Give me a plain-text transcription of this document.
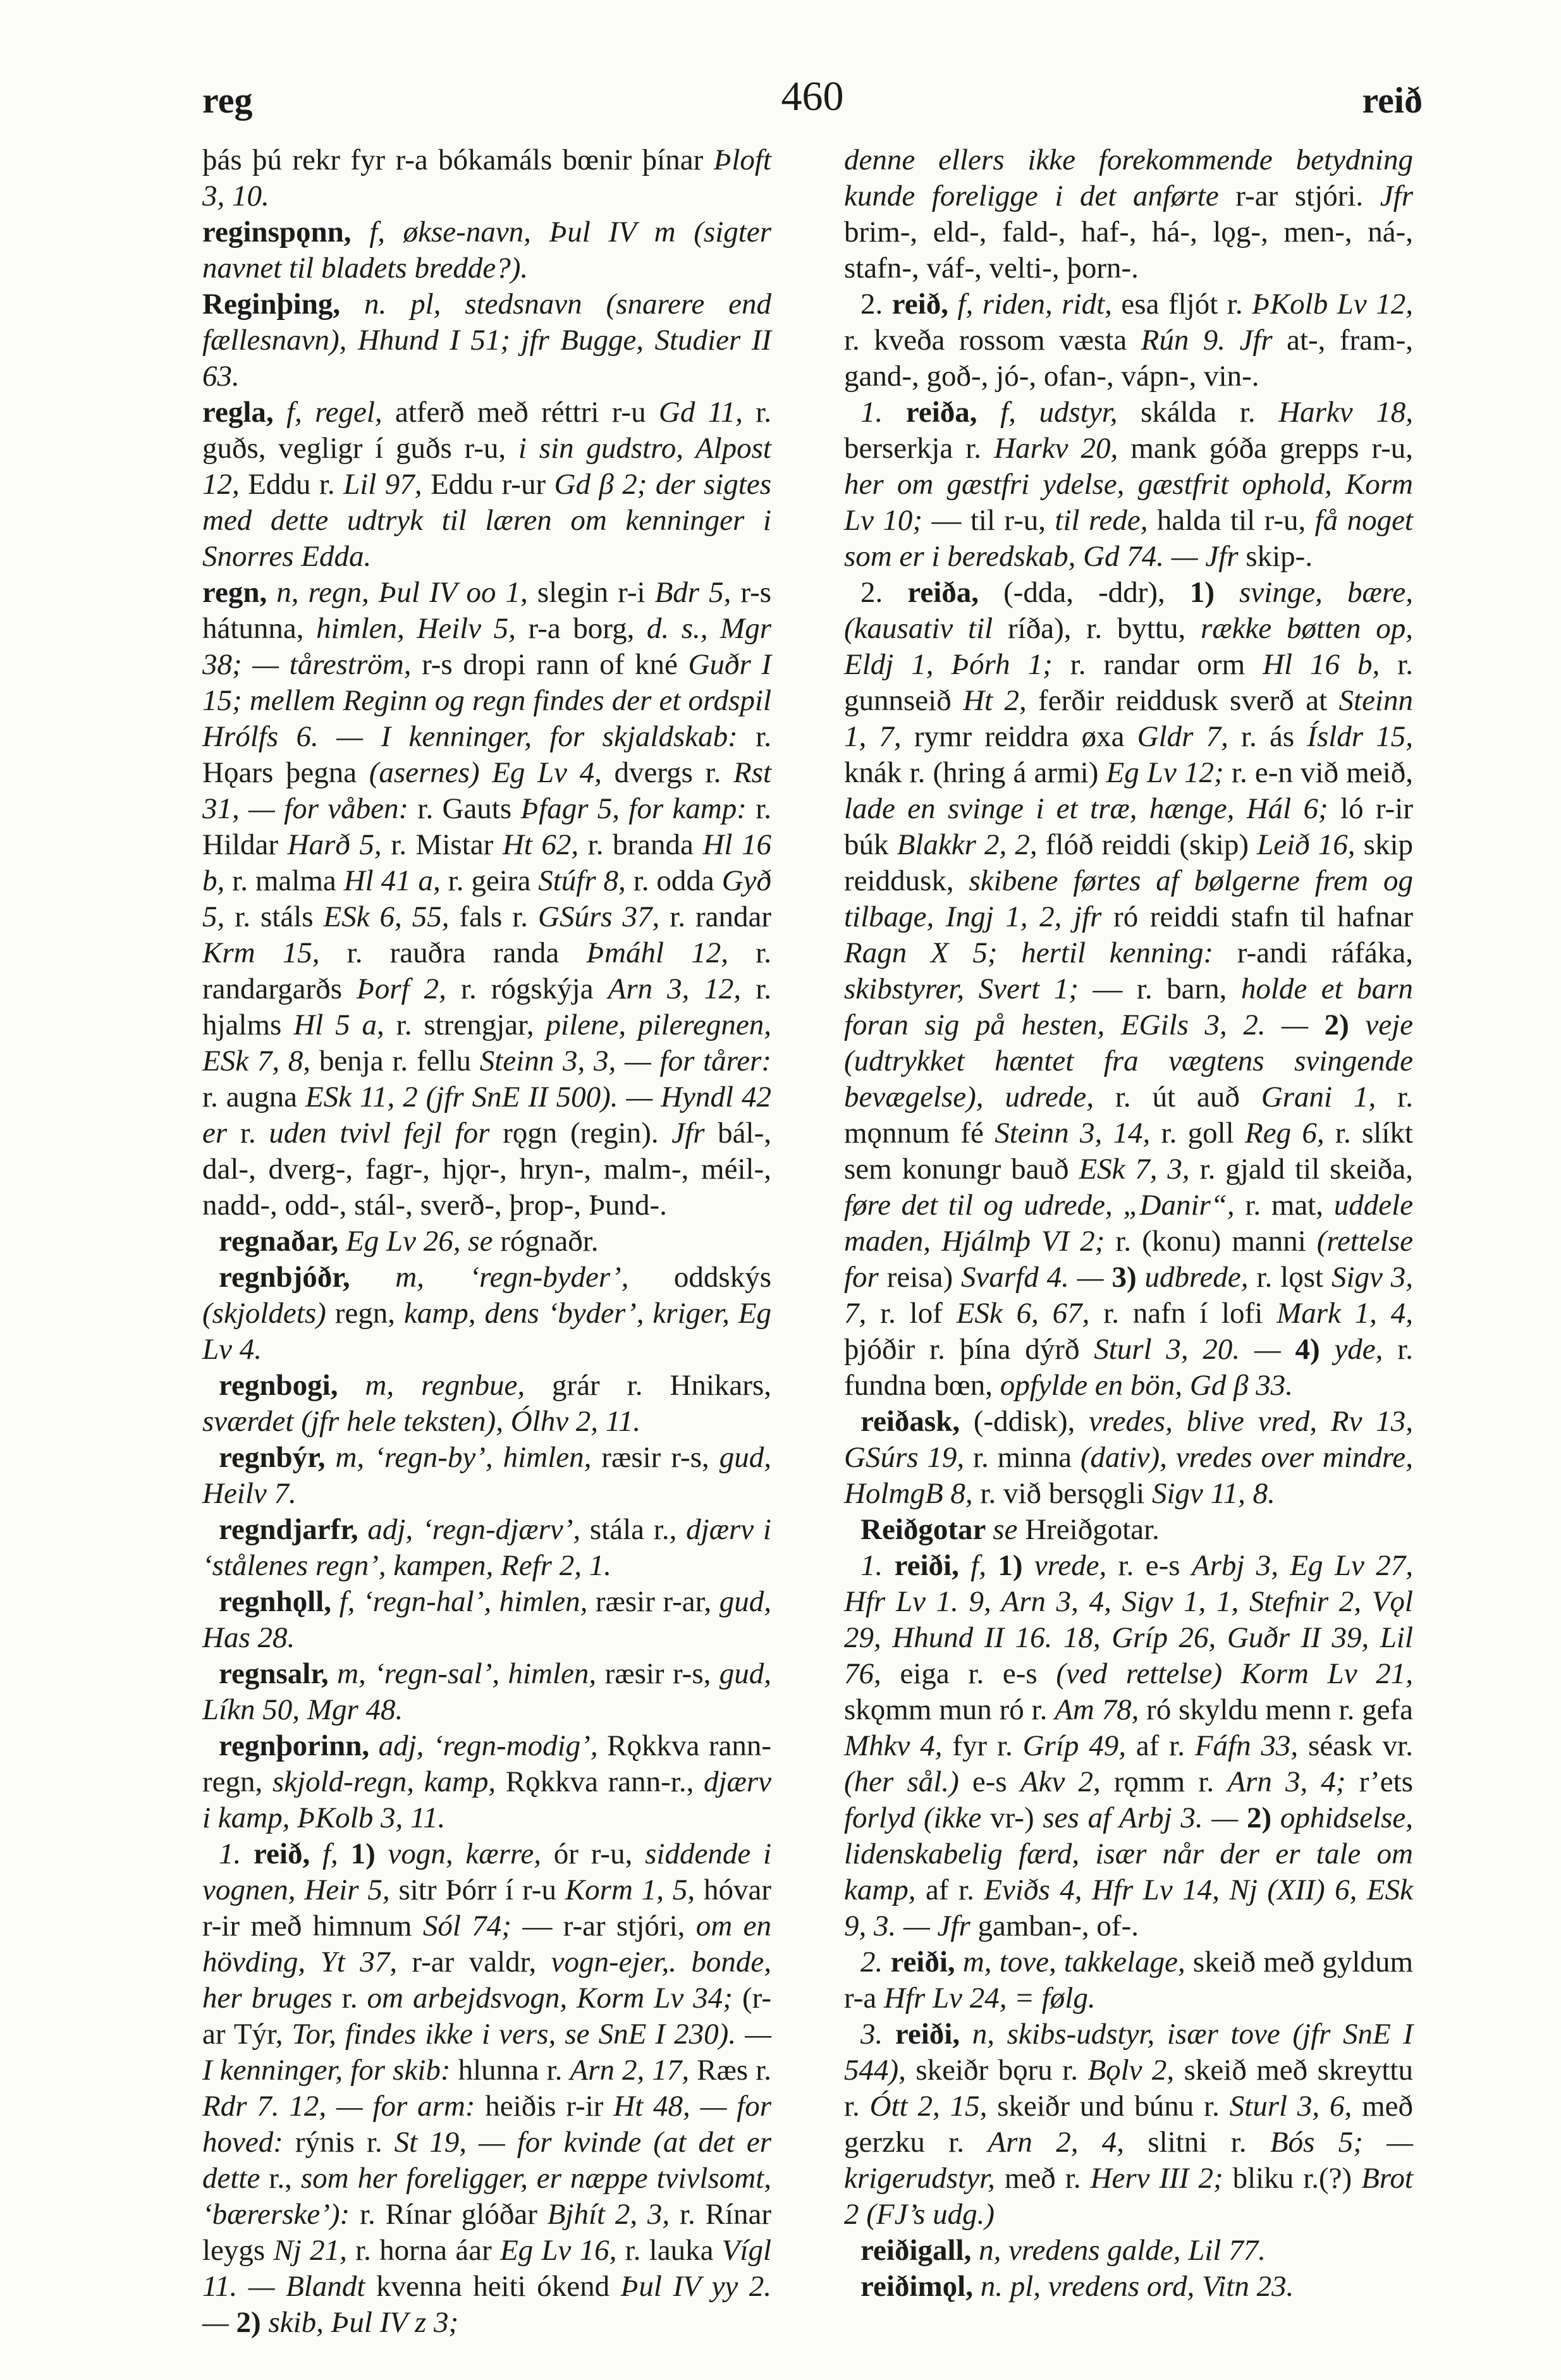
reg	460	reið

þás þú rekr fyr r-a bókamáls bœnir þínar Þloft 3, 10.

reginspǫnn, f, økse-navn, Þul IV m (sigter navnet til bladets bredde?).

Reginþing, n. pl, stedsnavn (snarere end fællesnavn), Hhund I 51; jfr Bugge, Studier II 63.

regla, f, regel, atferð með réttri r-u Gd 11, r. guðs, vegligr í guðs r-u, i sin gudstro, Alpost 12, Eddu r. Lil 97, Eddu r-ur Gd β 2; der sigtes med dette udtryk til læren om kenninger i Snorres Edda.

regn, n, regn, Þul IV oo 1, slegin r-i Bdr 5, r-s hátunna, himlen, Heilv 5, r-a borg, d. s., Mgr 38; — tåreström, r-s dropi rann of kné Guðr I 15; mellem Reginn og regn findes der et ordspil Hrólfs 6. — I kenninger, for skjaldskab: r. Hǫars þegna (asernes) Eg Lv 4, dvergs r. Rst 31, — for våben: r. Gauts Þfagr 5, for kamp: r. Hildar Harð 5, r. Mistar Ht 62, r. branda Hl 16 b, r. malma Hl 41 a, r. geira Stúfr 8, r. odda Gyð 5, r. stáls ESk 6, 55, fals r. GSúrs 37, r. randar Krm 15, r. rauðra randa Þmáhl 12, r. randargarðs Þorf 2, r. rógskýja Arn 3, 12, r. hjalms Hl 5 a, r. strengjar, pilene, pileregnen, ESk 7, 8, benja r. fellu Steinn 3, 3, — for tårer: r. augna ESk 11, 2 (jfr SnE II 500). — Hyndl 42 er r. uden tvivl fejl for rǫgn (regin). Jfr bál-, dal-, dverg-, fagr-, hjǫr-, hryn-, malm-, méil-, nadd-, odd-, stál-, sverð-, þrop-, Þund-.

regnaðar, Eg Lv 26, se rógnaðr.

regnbjóðr, m, ‘regn-byder’, oddskýs (skjoldets) regn, kamp, dens ‘byder’, kriger, Eg Lv 4.

regnbogi, m, regnbue, grár r. Hnikars, sværdet (jfr hele teksten), Ólhv 2, 11.

regnbýr, m, ‘regn-by’, himlen, ræsir r-s, gud, Heilv 7.

regndjarfr, adj, ‘regn-djærv’, stála r., djærv i ‘stålenes regn’, kampen, Refr 2, 1.

regnhǫll, f, ‘regn-hal’, himlen, ræsir r-ar, gud, Has 28.

regnsalr, m, ‘regn-sal’, himlen, ræsir r-s, gud, Líkn 50, Mgr 48.

regnþorinn, adj, ‘regn-modig’, Rǫkkva rann-regn, skjold-regn, kamp, Rǫkkva rann-r., djærv i kamp, ÞKolb 3, 11.

1. reið, f, 1) vogn, kærre, ór r-u, siddende i vognen, Heir 5, sitr Þórr í r-u Korm 1, 5, hóvar r-ir með himnum Sól 74; — r-ar stjóri, om en hövding, Yt 37, r-ar valdr, vogn-ejer,. bonde, her bruges r. om arbejdsvogn, Korm Lv 34; (r-ar Týr, Tor, findes ikke i vers, se SnE I 230). — I kenninger, for skib: hlunna r. Arn 2, 17, Ræs r. Rdr 7. 12, — for arm: heiðis r-ir Ht 48, — for hoved: rýnis r. St 19, — for kvinde (at det er dette r., som her foreligger, er næppe tvivlsomt, ‘bærerske’): r. Rínar glóðar Bjhít 2, 3, r. Rínar leygs Nj 21, r. horna áar Eg Lv 16, r. lauka Vígl 11. — Blandt kvenna heiti ókend Þul IV yy 2. — 2) skib, Þul IV z 3;

denne ellers ikke forekommende betydning kunde foreligge i det anførte r-ar stjóri. Jfr brim-, eld-, fald-, haf-, há-, lǫg-, men-, ná-, stafn-, váf-, velti-, þorn-.

2. reið, f, riden, ridt, esa fljót r. ÞKolb Lv 12, r. kveða rossom væsta Rún 9. Jfr at-, fram-, gand-, goð-, jó-, ofan-, vápn-, vin-.

1. reiða, f, udstyr, skálda r. Harkv 18, berserkja r. Harkv 20, mank góða grepps r-u, her om gæstfri ydelse, gæstfrit ophold, Korm Lv 10; — til r-u, til rede, halda til r-u, få noget som er i beredskab, Gd 74. — Jfr skip-.

2. reiða, (-dda, -ddr), 1) svinge, bære, (kausativ til ríða), r. byttu, række bøtten op, Eldj 1, Þórh 1; r. randar orm Hl 16 b, r. gunnseið Ht 2, ferðir reiddusk sverð at Steinn 1, 7, rymr reiddra øxa Gldr 7, r. ás Ísldr 15, knák r. (hring á armi) Eg Lv 12; r. e-n við meið, lade en svinge i et træ, hænge, Hál 6; ló r-ir búk Blakkr 2, 2, flóð reiddi (skip) Leið 16, skip reiddusk, skibene førtes af bølgerne frem og tilbage, Ingj 1, 2, jfr ró reiddi stafn til hafnar Ragn X 5; hertil kenning: r-andi ráfáka, skibstyrer, Svert 1; — r. barn, holde et barn foran sig på hesten, EGils 3, 2. — 2) veje (udtrykket hæntet fra vægtens svingende bevægelse), udrede, r. út auð Grani 1, r. mǫnnum fé Steinn 3, 14, r. goll Reg 6, r. slíkt sem konungr bauð ESk 7, 3, r. gjald til skeiða, føre det til og udrede, „Danir“, r. mat, uddele maden, Hjálmþ VI 2; r. (konu) manni (rettelse for reisa) Svarfd 4. — 3) udbrede, r. lǫst Sigv 3, 7, r. lof ESk 6, 67, r. nafn í lofi Mark 1, 4, þjóðir r. þína dýrð Sturl 3, 20. — 4) yde, r. fundna bœn, opfylde en bön, Gd β 33.

reiðask, (-ddisk), vredes, blive vred, Rv 13, GSúrs 19, r. minna (dativ), vredes over mindre, HolmgB 8, r. við bersǫgli Sigv 11, 8.

Reiðgotar se Hreiðgotar.

1. reiði, f, 1) vrede, r. e-s Arbj 3, Eg Lv 27, Hfr Lv 1. 9, Arn 3, 4, Sigv 1, 1, Stefnir 2, Vǫl 29, Hhund II 16. 18, Gríp 26, Guðr II 39, Lil 76, eiga r. e-s (ved rettelse) Korm Lv 21, skǫmm mun ró r. Am 78, ró skyldu menn r. gefa Mhkv 4, fyr r. Gríp 49, af r. Fáfn 33, séask vr. (her sål.) e-s Akv 2, rǫmm r. Arn 3, 4; r’ets forlyd (ikke vr-) ses af Arbj 3. — 2) ophidselse, lidenskabelig færd, især når der er tale om kamp, af r. Eviðs 4, Hfr Lv 14, Nj (XII) 6, ESk 9, 3. — Jfr gamban-, of-.

2. reiði, m, tove, takkelage, skeið með gyldum r-a Hfr Lv 24, = følg.

3. reiði, n, skibs-udstyr, især tove (jfr SnE I 544), skeiðr bǫru r. Bǫlv 2, skeið með skreyttu r. Ótt 2, 15, skeiðr und búnu r. Sturl 3, 6, með gerzku r. Arn 2, 4, slitni r. Bós 5; — krigerudstyr, með r. Herv III 2; bliku r.(?) Brot 2 (FJ’s udg.)

reiðigall, n, vredens galde, Lil 77.

reiðimǫl, n. pl, vredens ord, Vitn 23.
